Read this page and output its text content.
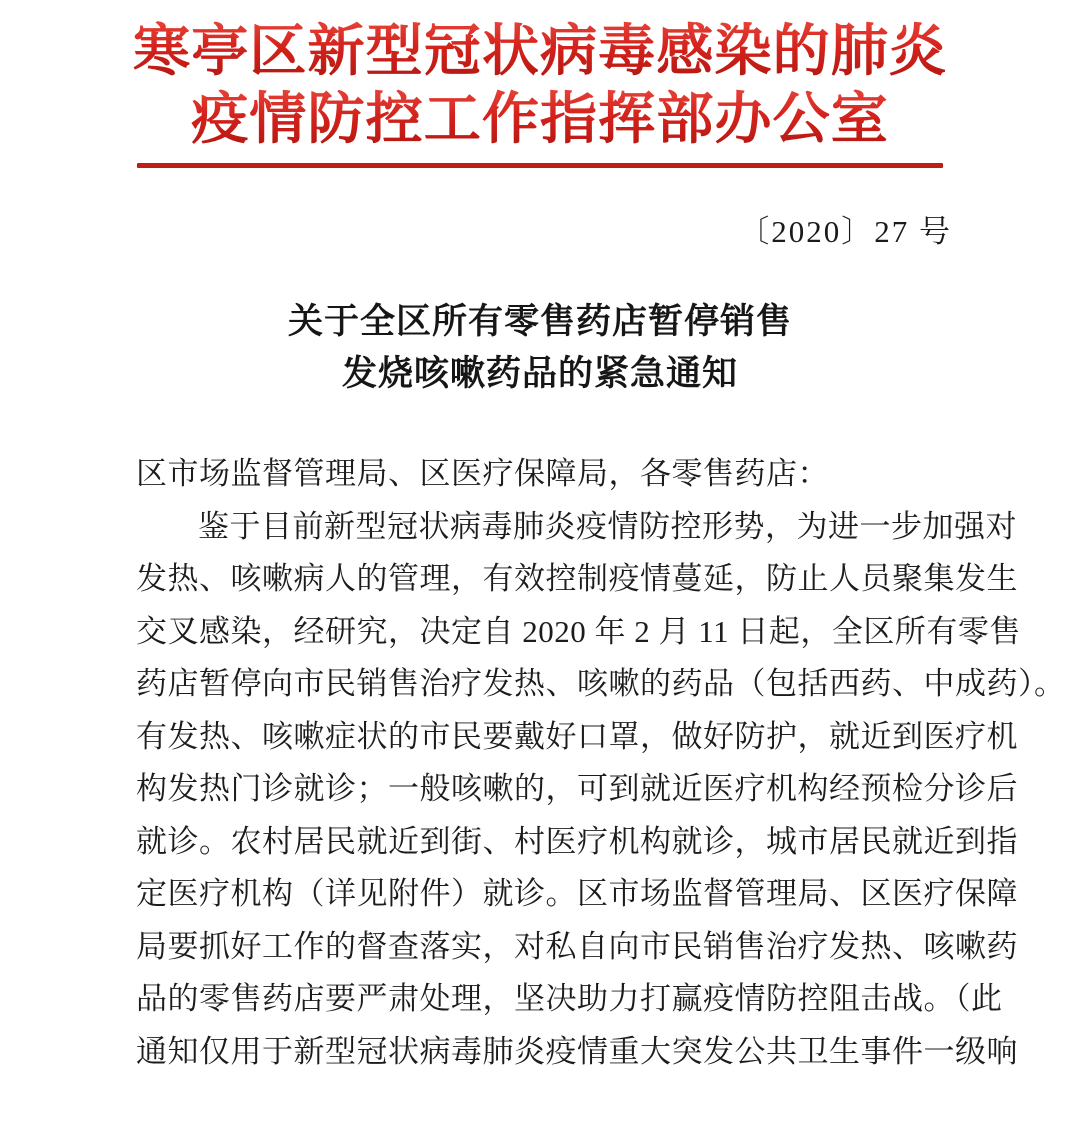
寒亭区新型冠状病毒感染的肺炎
疫情防控工作指挥部办公室
〔2020〕27 号
关于全区所有零售药店暂停销售
发烧咳嗽药品的紧急通知
区市场监督管理局、区医疗保障局，各零售药店：
鉴于目前新型冠状病毒肺炎疫情防控形势，为进一步加强对
发热、咳嗽病人的管理，有效控制疫情蔓延，防止人员聚集发生
交叉感染，经研究，决定自 2020 年 2 月 11 日起，全区所有零售
药店暂停向市民销售治疗发热、咳嗽的药品（包括西药、中成药）。
有发热、咳嗽症状的市民要戴好口罩，做好防护，就近到医疗机
构发热门诊就诊；一般咳嗽的，可到就近医疗机构经预检分诊后
就诊。农村居民就近到街、村医疗机构就诊，城市居民就近到指
定医疗机构（详见附件）就诊。区市场监督管理局、区医疗保障
局要抓好工作的督查落实，对私自向市民销售治疗发热、咳嗽药
品的零售药店要严肃处理，坚决助力打赢疫情防控阻击战。（此
通知仅用于新型冠状病毒肺炎疫情重大突发公共卫生事件一级响
